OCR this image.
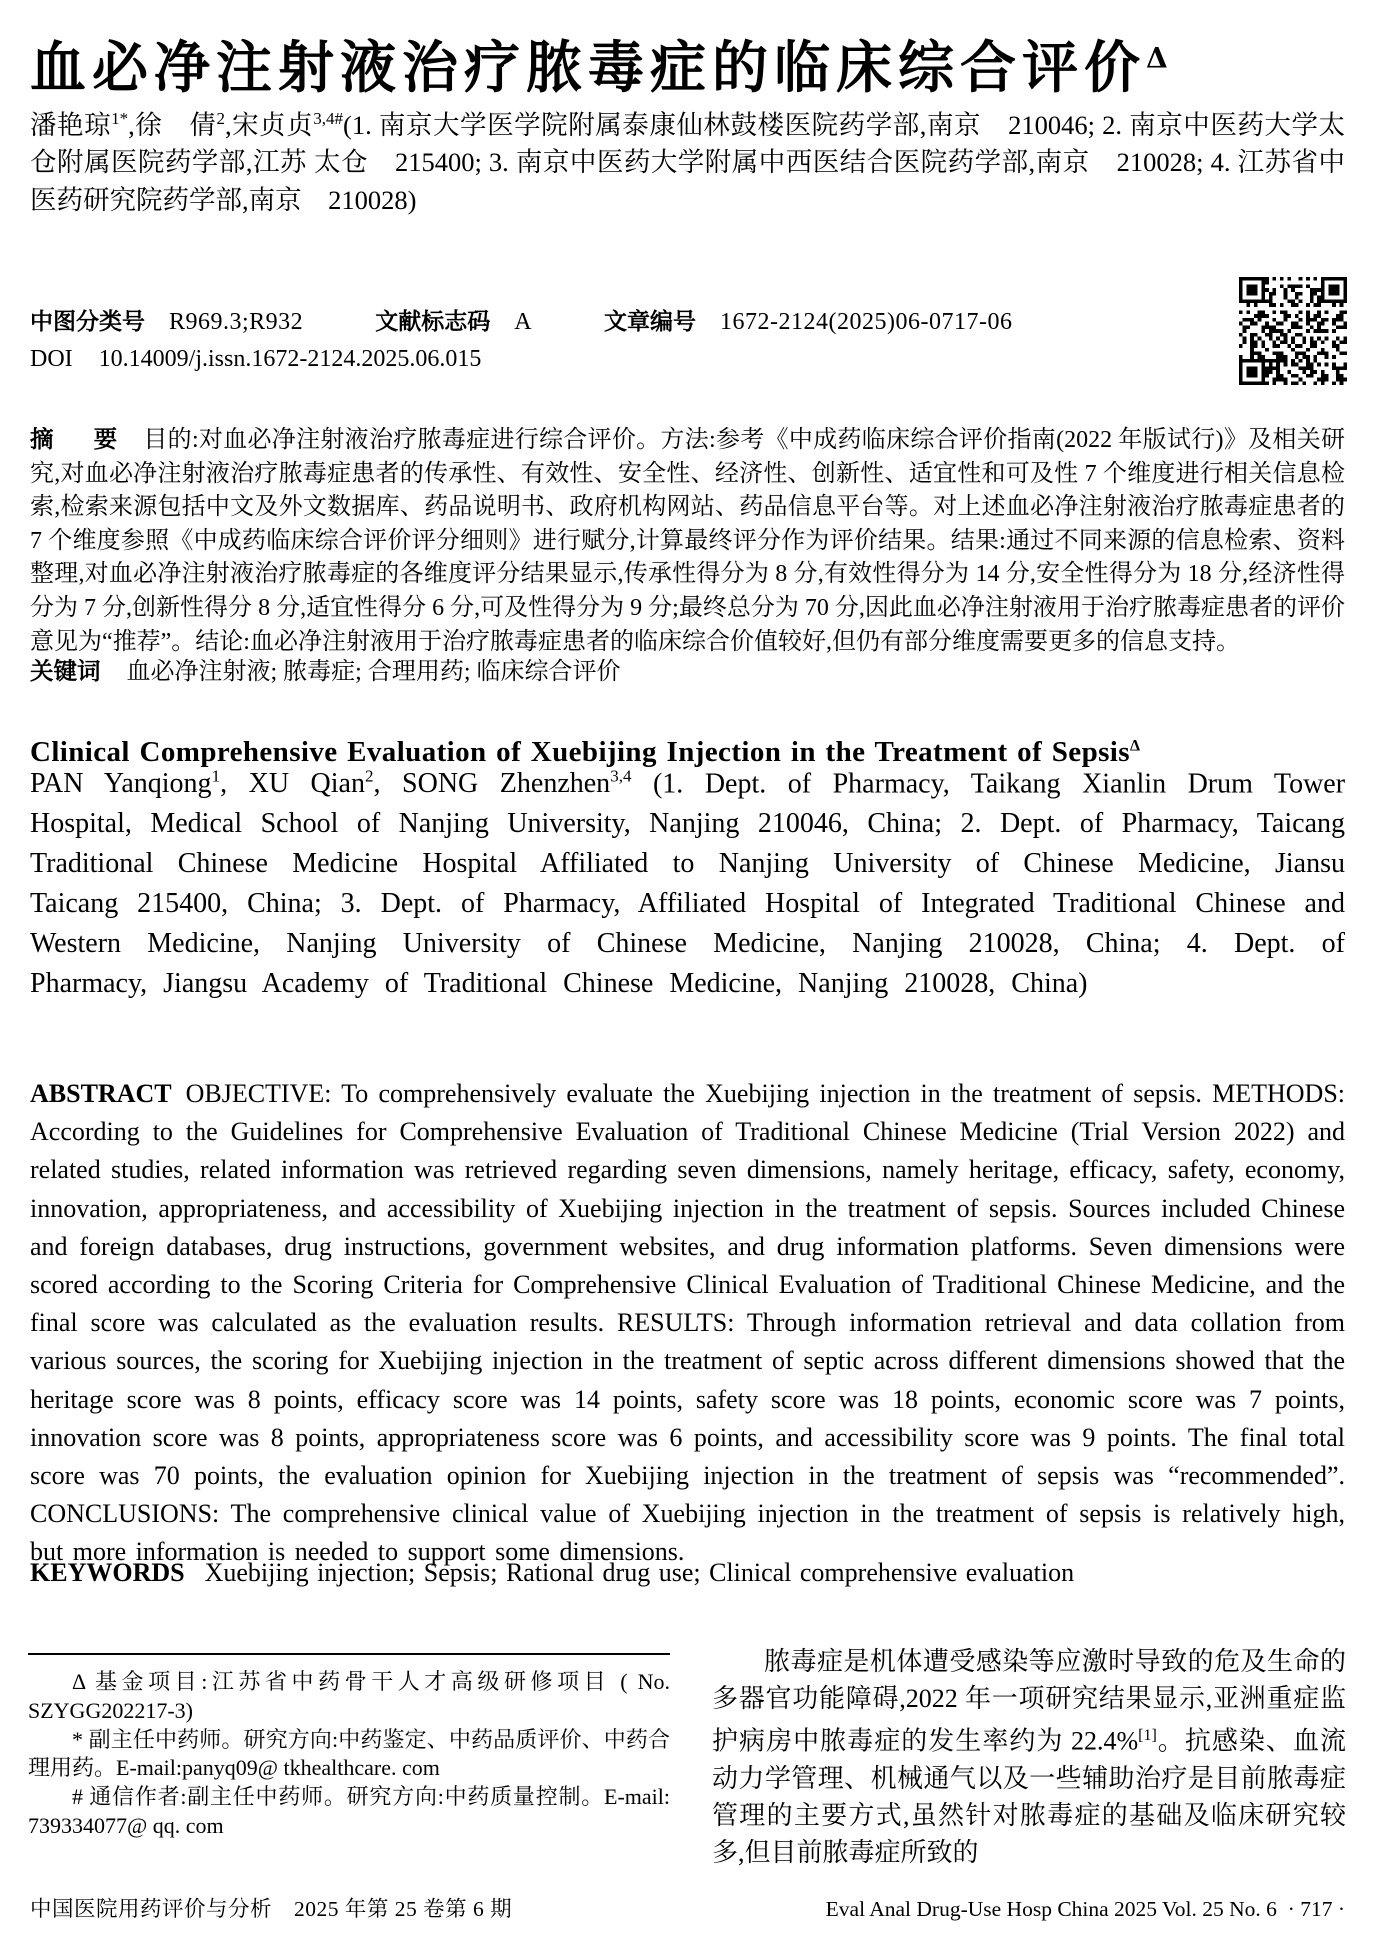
血必净注射液治疗脓毒症的临床综合评价$^\Delta$

潘艳琼$^{1*}$,徐　倩$^2$,宋贞贞$^{3,4\#}$(1. 南京大学医学院附属泰康仙林鼓楼医院药学部,南京　210046; 2. 南京中医药大学太仓附属医院药学部,江苏 太仓　215400; 3. 南京中医药大学附属中西医结合医院药学部,南京　210028; 4. 江苏省中医药研究院药学部,南京　210028)

中图分类号 R969.3;R932	文献标志码 A	文章编号 1672-2124(2025)06-0717-06
DOI 10.14009/j.issn.1672-2124.2025.06.015

摘　要 目的:对血必净注射液治疗脓毒症进行综合评价。方法:参考《中成药临床综合评价指南(2022 年版试行)》及相关研究,对血必净注射液治疗脓毒症患者的传承性、有效性、安全性、经济性、创新性、适宜性和可及性 7 个维度进行相关信息检索,检索来源包括中文及外文数据库、药品说明书、政府机构网站、药品信息平台等。对上述血必净注射液治疗脓毒症患者的 7 个维度参照《中成药临床综合评价评分细则》进行赋分,计算最终评分作为评价结果。结果:通过不同来源的信息检索、资料整理,对血必净注射液治疗脓毒症的各维度评分结果显示,传承性得分为 8 分,有效性得分为 14 分,安全性得分为 18 分,经济性得分为 7 分,创新性得分 8 分,适宜性得分 6 分,可及性得分为 9 分;最终总分为 70 分,因此血必净注射液用于治疗脓毒症患者的评价意见为“推荐”。结论:血必净注射液用于治疗脓毒症患者的临床综合价值较好,但仍有部分维度需要更多的信息支持。

关键词 血必净注射液; 脓毒症; 合理用药; 临床综合评价

Clinical Comprehensive Evaluation of Xuebijing Injection in the Treatment of Sepsis$^\Delta$

PAN Yanqiong$^1$, XU Qian$^2$, SONG Zhenzhen$^{3,4}$ (1. Dept. of Pharmacy, Taikang Xianlin Drum Tower Hospital, Medical School of Nanjing University, Nanjing 210046, China; 2. Dept. of Pharmacy, Taicang Traditional Chinese Medicine Hospital Affiliated to Nanjing University of Chinese Medicine, Jiansu Taicang 215400, China; 3. Dept. of Pharmacy, Affiliated Hospital of Integrated Traditional Chinese and Western Medicine, Nanjing University of Chinese Medicine, Nanjing 210028, China; 4. Dept. of Pharmacy, Jiangsu Academy of Traditional Chinese Medicine, Nanjing 210028, China)

ABSTRACT OBJECTIVE: To comprehensively evaluate the Xuebijing injection in the treatment of sepsis. METHODS: According to the Guidelines for Comprehensive Evaluation of Traditional Chinese Medicine (Trial Version 2022) and related studies, related information was retrieved regarding seven dimensions, namely heritage, efficacy, safety, economy, innovation, appropriateness, and accessibility of Xuebijing injection in the treatment of sepsis. Sources included Chinese and foreign databases, drug instructions, government websites, and drug information platforms. Seven dimensions were scored according to the Scoring Criteria for Comprehensive Clinical Evaluation of Traditional Chinese Medicine, and the final score was calculated as the evaluation results. RESULTS: Through information retrieval and data collation from various sources, the scoring for Xuebijing injection in the treatment of septic across different dimensions showed that the heritage score was 8 points, efficacy score was 14 points, safety score was 18 points, economic score was 7 points, innovation score was 8 points, appropriateness score was 6 points, and accessibility score was 9 points. The final total score was 70 points, the evaluation opinion for Xuebijing injection in the treatment of sepsis was “recommended”. CONCLUSIONS: The comprehensive clinical value of Xuebijing injection in the treatment of sepsis is relatively high, but more information is needed to support some dimensions.

KEYWORDS Xuebijing injection; Sepsis; Rational drug use; Clinical comprehensive evaluation

Δ 基金项目:江苏省中药骨干人才高级研修项目 ( No. SZYGG202217-3)

* 副主任中药师。研究方向:中药鉴定、中药品质评价、中药合理用药。E-mail:panyq09@ tkhealthcare. com

# 通信作者:副主任中药师。研究方向:中药质量控制。E-mail: 739334077@ qq. com

脓毒症是机体遭受感染等应激时导致的危及生命的多器官功能障碍,2022 年一项研究结果显示,亚洲重症监护病房中脓毒症的发生率约为 22.4%[1]。抗感染、血流动力学管理、机械通气以及一些辅助治疗是目前脓毒症管理的主要方式,虽然针对脓毒症的基础及临床研究较多,但目前脓毒症所致的

中国医院用药评价与分析　2025 年第 25 卷第 6 期	Eval Anal Drug-Use Hosp China 2025 Vol. 25 No. 6 · 717 ·
